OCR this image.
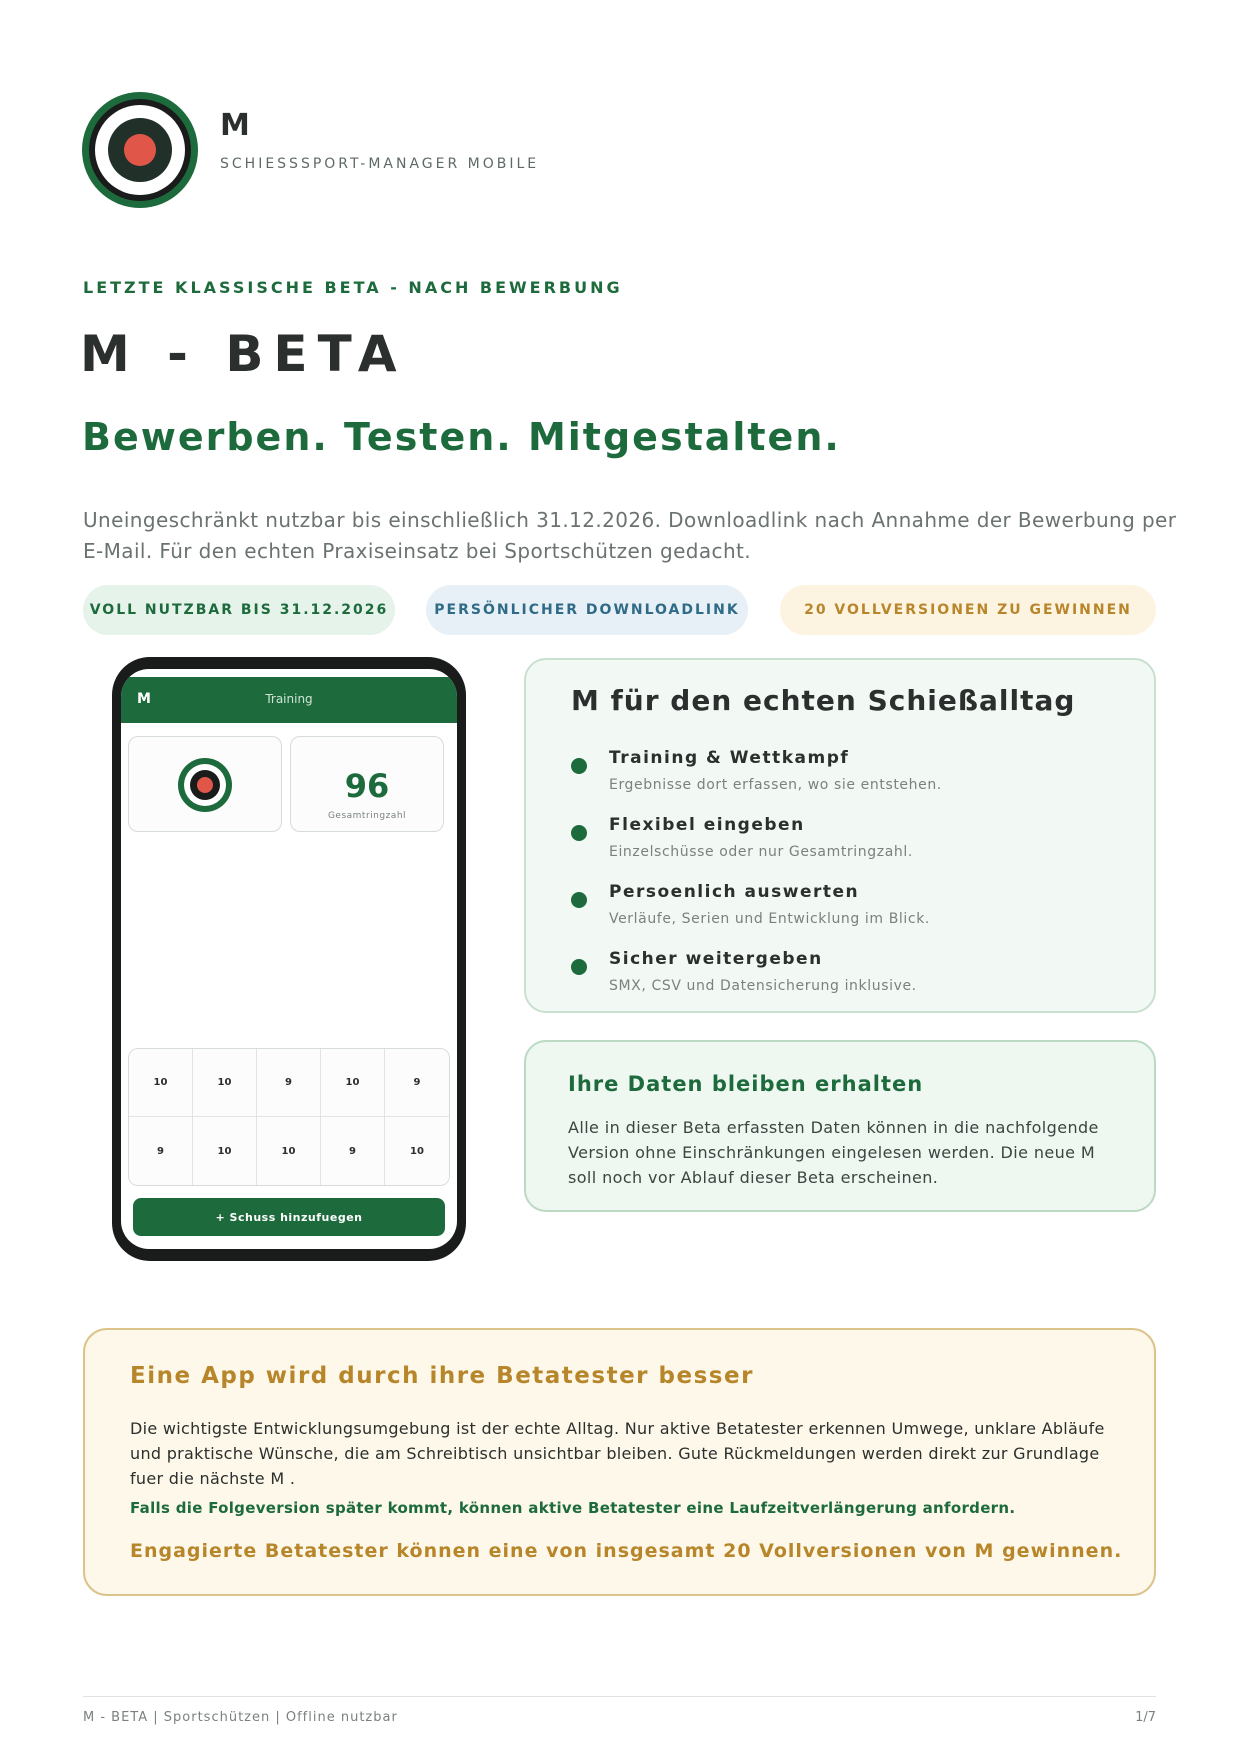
M
SCHIESSSPORT-MANAGER MOBILE
LETZTE KLASSISCHE BETA - NACH BEWERBUNG
M - BETA
Bewerben. Testen. Mitgestalten.
Uneingeschränkt nutzbar bis einschließlich 31.12.2026. Downloadlink nach Annahme der Bewerbung per E-Mail. Für den echten Praxiseinsatz bei Sportschützen gedacht.
VOLL NUTZBAR BIS 31.12.2026	PERSÖNLICHER DOWNLOADLINK	20 VOLLVERSIONEN ZU GEWINNEN
M	Training
96
Gesamtringzahl
10	10	9	10	9
9	10	10	9	10
+ Schuss hinzufuegen
M für den echten Schießalltag
Training & Wettkampf
Ergebnisse dort erfassen, wo sie entstehen.
Flexibel eingeben
Einzelschüsse oder nur Gesamtringzahl.
Persoenlich auswerten
Verläufe, Serien und Entwicklung im Blick.
Sicher weitergeben
SMX, CSV und Datensicherung inklusive.
Ihre Daten bleiben erhalten

Alle in dieser Beta erfassten Daten können in die nachfolgende Version ohne Einschränkungen eingelesen werden. Die neue M soll noch vor Ablauf dieser Beta erscheinen.

Eine App wird durch ihre Betatester besser
Die wichtigste Entwicklungsumgebung ist der echte Alltag. Nur aktive Betatester erkennen Umwege, unklare Abläufe und praktische Wünsche, die am Schreibtisch unsichtbar bleiben. Gute Rückmeldungen werden direkt zur Grundlage fuer die nächste M .
Falls die Folgeversion später kommt, können aktive Betatester eine Laufzeitverlängerung anfordern.
Engagierte Betatester können eine von insgesamt 20 Vollversionen von M gewinnen.
M - BETA | Sportschützen | Offline nutzbar	1/7
